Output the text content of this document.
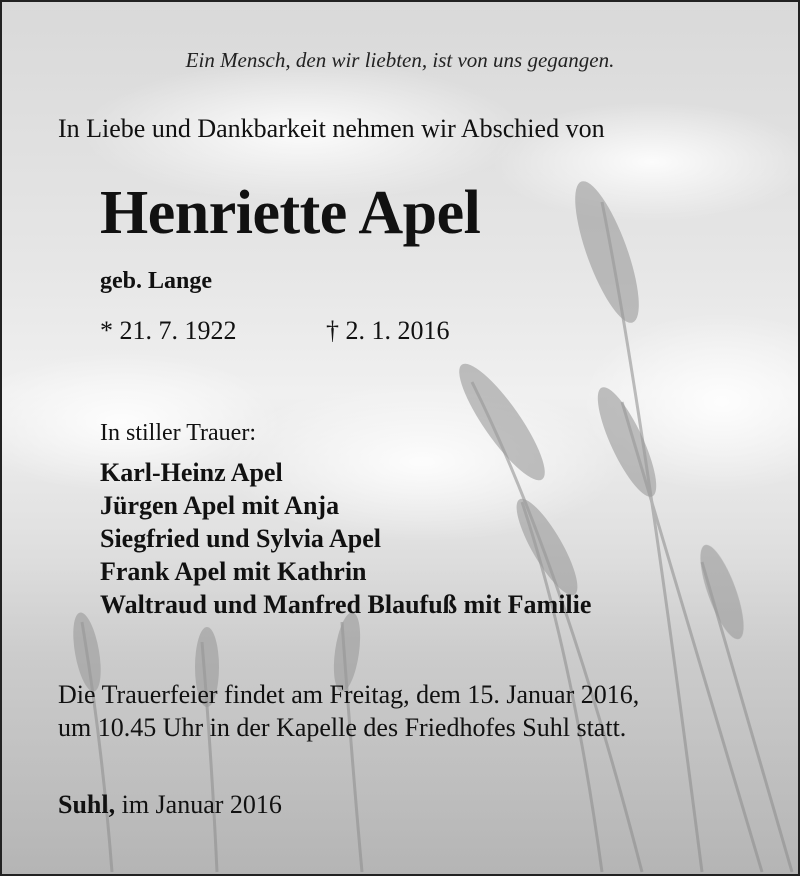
Ein Mensch, den wir liebten, ist von uns gegangen.
In Liebe und Dankbarkeit nehmen wir Abschied von
Henriette Apel
geb. Lange
* 21. 7. 1922	† 2. 1. 2016
In stiller Trauer:
Karl-Heinz Apel
Jürgen Apel mit Anja
Siegfried und Sylvia Apel
Frank Apel mit Kathrin
Waltraud und Manfred Blaufuß mit Familie
Die Trauerfeier findet am Freitag, dem 15. Januar 2016,
um 10.45 Uhr in der Kapelle des Friedhofes Suhl statt.
Suhl, im Januar 2016
